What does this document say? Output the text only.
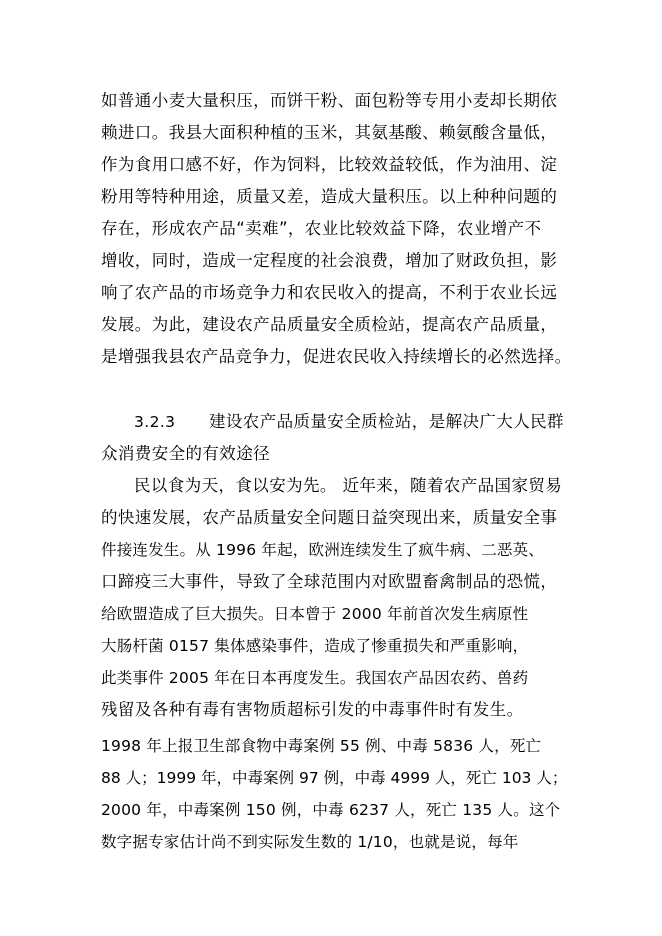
如普通小麦大量积压，而饼干粉、面包粉等专用小麦却长期依
赖进口。我县大面积种植的玉米，其氨基酸、赖氨酸含量低，
作为食用口感不好，作为饲料，比较效益较低，作为油用、淀
粉用等特种用途，质量又差，造成大量积压。以上种种问题的
存在，形成农产品“卖难”，农业比较效益下降，农业增产不
增收，同时，造成一定程度的社会浪费，增加了财政负担，影
响了农产品的市场竞争力和农民收入的提高，不利于农业长远
发展。为此，建设农产品质量安全质检站，提高农产品质量，
是增强我县农产品竞争力，促进农民收入持续增长的必然选择。
3.2.3 建设农产品质量安全质检站，是解决广大人民群
众消费安全的有效途径
民以食为天，食以安为先。 近年来，随着农产品国家贸易
的快速发展，农产品质量安全问题日益突现出来，质量安全事
件接连发生。从 1996 年起，欧洲连续发生了疯牛病、二恶英、
口蹄疫三大事件，导致了全球范围内对欧盟畜禽制品的恐慌，
给欧盟造成了巨大损失。日本曾于 2000 年前首次发生病原性
大肠杆菌 0157 集体感染事件，造成了惨重损失和严重影响，
此类事件 2005 年在日本再度发生。我国农产品因农药、兽药
残留及各种有毒有害物质超标引发的中毒事件时有发生。
1998 年上报卫生部食物中毒案例 55 例、中毒 5836 人，死亡
88 人；1999 年，中毒案例 97 例，中毒 4999 人，死亡 103 人；
2000 年，中毒案例 150 例，中毒 6237 人，死亡 135 人。这个
数字据专家估计尚不到实际发生数的 1/10，也就是说，每年
